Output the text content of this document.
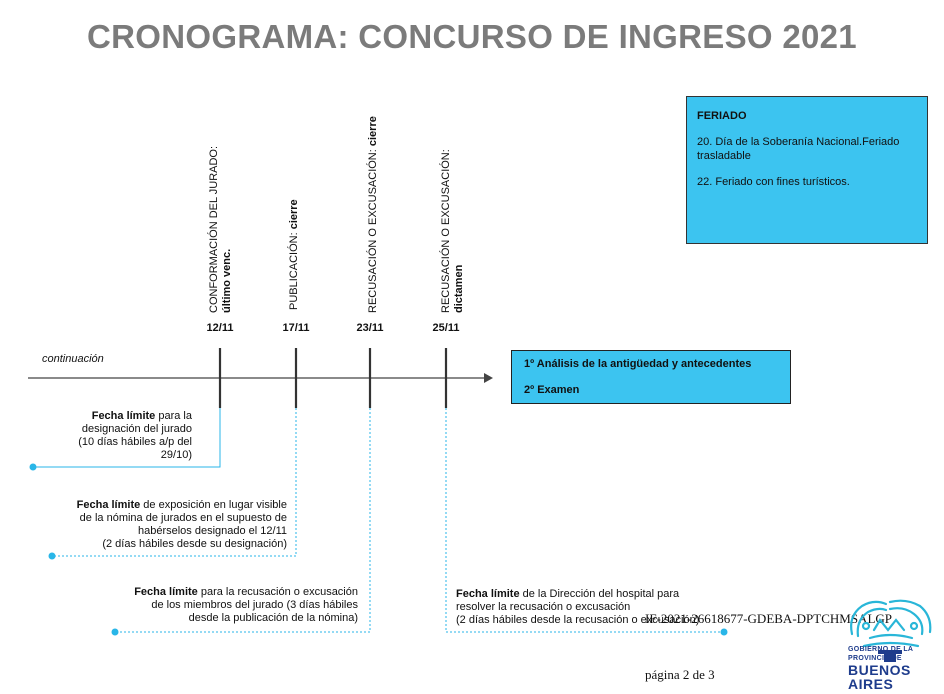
CRONOGRAMA: CONCURSO DE INGRESO 2021
CONFORMACIÓN DEL JURADO: último venc.	PUBLICACIÓN: cierre	RECUSACIÓN O EXCUSACIÓN: cierre
RECUSACIÓN O EXCUSACIÓN: dictamen
12/11	17/11	23/11	25/11
continuación
FERIADO
20. Día de la Soberanía Nacional.Feriado trasladable
22. Feriado con fines turísticos.
1º Análisis de la antigüedad y antecedentes
2º Examen
Fecha límite para la
designación del jurado
(10 días hábiles a/p del
29/10)
Fecha límite de exposición en lugar visible
de la nómina de jurados en el supuesto de
habérselos designado el 12/11
(2 días hábiles desde su designación)
Fecha límite para la recusación o excusación
de los miembros del jurado (3 días hábiles
desde la publicación de la nómina)
Fecha límite de la Dirección del hospital para
resolver la recusación o excusación
(2 días hábiles desde la recusación o excusación)
IF-2021-26618677-GDEBA-DPTCHMSALGP
página 2 de 3
GOBIERNO DE LA
PROVINCIA DE
BUENOS
AIRES
